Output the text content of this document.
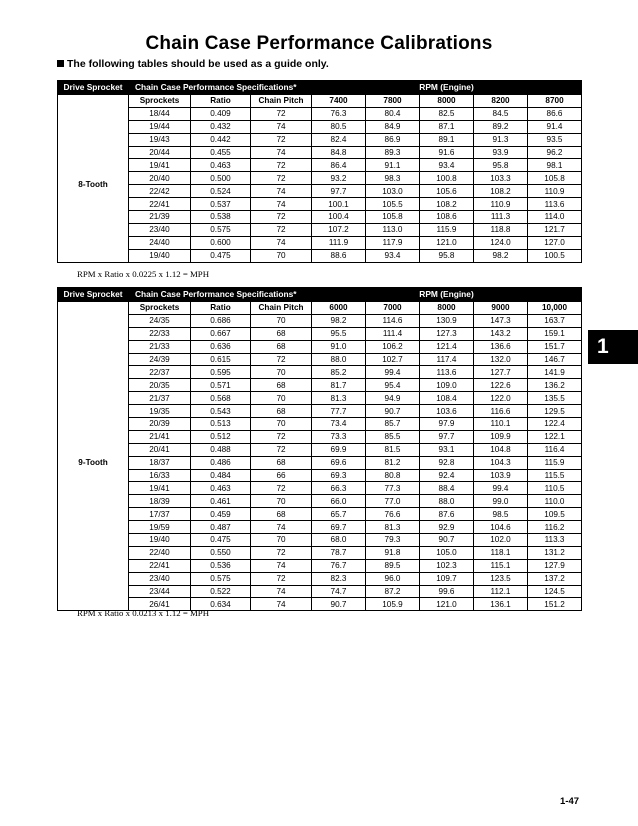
Chain Case Performance Calibrations
The following tables should be used as a guide only.
Drive Sprocket	Chain Case Performance Specifications*			RPM (Engine)				
	Sprockets	Ratio	Chain Pitch	7400	7800	8000	8200	8700
8-Tooth	18/44	0.409	72	76.3	80.4	82.5	84.5	86.6
	19/44	0.432	74	80.5	84.9	87.1	89.2	91.4
	19/43	0.442	72	82.4	86.9	89.1	91.3	93.5
	20/44	0.455	74	84.8	89.3	91.6	93.9	96.2
	19/41	0.463	72	86.4	91.1	93.4	95.8	98.1
	20/40	0.500	72	93.2	98.3	100.8	103.3	105.8
	22/42	0.524	74	97.7	103.0	105.6	108.2	110.9
	22/41	0.537	74	100.1	105.5	108.2	110.9	113.6
	21/39	0.538	72	100.4	105.8	108.6	111.3	114.0
	23/40	0.575	72	107.2	113.0	115.9	118.8	121.7
	24/40	0.600	74	111.9	117.9	121.0	124.0	127.0
	19/40	0.475	70	88.6	93.4	95.8	98.2	100.5
RPM x Ratio x 0.0225 x 1.12 = MPH
Drive Sprocket	Chain Case Performance Specifications*			RPM (Engine)				
	Sprockets	Ratio	Chain Pitch	6000	7000	8000	9000	10,000
9-Tooth	24/35	0.686	70	98.2	114.6	130.9	147.3	163.7
	22/33	0.667	68	95.5	111.4	127.3	143.2	159.1
	21/33	0.636	68	91.0	106.2	121.4	136.6	151.7
	24/39	0.615	72	88.0	102.7	117.4	132.0	146.7
	22/37	0.595	70	85.2	99.4	113.6	127.7	141.9
	20/35	0.571	68	81.7	95.4	109.0	122.6	136.2
	21/37	0.568	70	81.3	94.9	108.4	122.0	135.5
	19/35	0.543	68	77.7	90.7	103.6	116.6	129.5
	20/39	0.513	70	73.4	85.7	97.9	110.1	122.4
	21/41	0.512	72	73.3	85.5	97.7	109.9	122.1
	20/41	0.488	72	69.9	81.5	93.1	104.8	116.4
	18/37	0.486	68	69.6	81.2	92.8	104.3	115.9
	16/33	0.484	66	69.3	80.8	92.4	103.9	115.5
	19/41	0.463	72	66.3	77.3	88.4	99.4	110.5
	18/39	0.461	70	66.0	77.0	88.0	99.0	110.0
	17/37	0.459	68	65.7	76.6	87.6	98.5	109.5
	19/59	0.487	74	69.7	81.3	92.9	104.6	116.2
	19/40	0.475	70	68.0	79.3	90.7	102.0	113.3
	22/40	0.550	72	78.7	91.8	105.0	118.1	131.2
	22/41	0.536	74	76.7	89.5	102.3	115.1	127.9
	23/40	0.575	72	82.3	96.0	109.7	123.5	137.2
	23/44	0.522	74	74.7	87.2	99.6	112.1	124.5
	26/41	0.634	74	90.7	105.9	121.0	136.1	151.2
RPM x Ratio x 0.0213 x 1.12 = MPH
1
1-47
